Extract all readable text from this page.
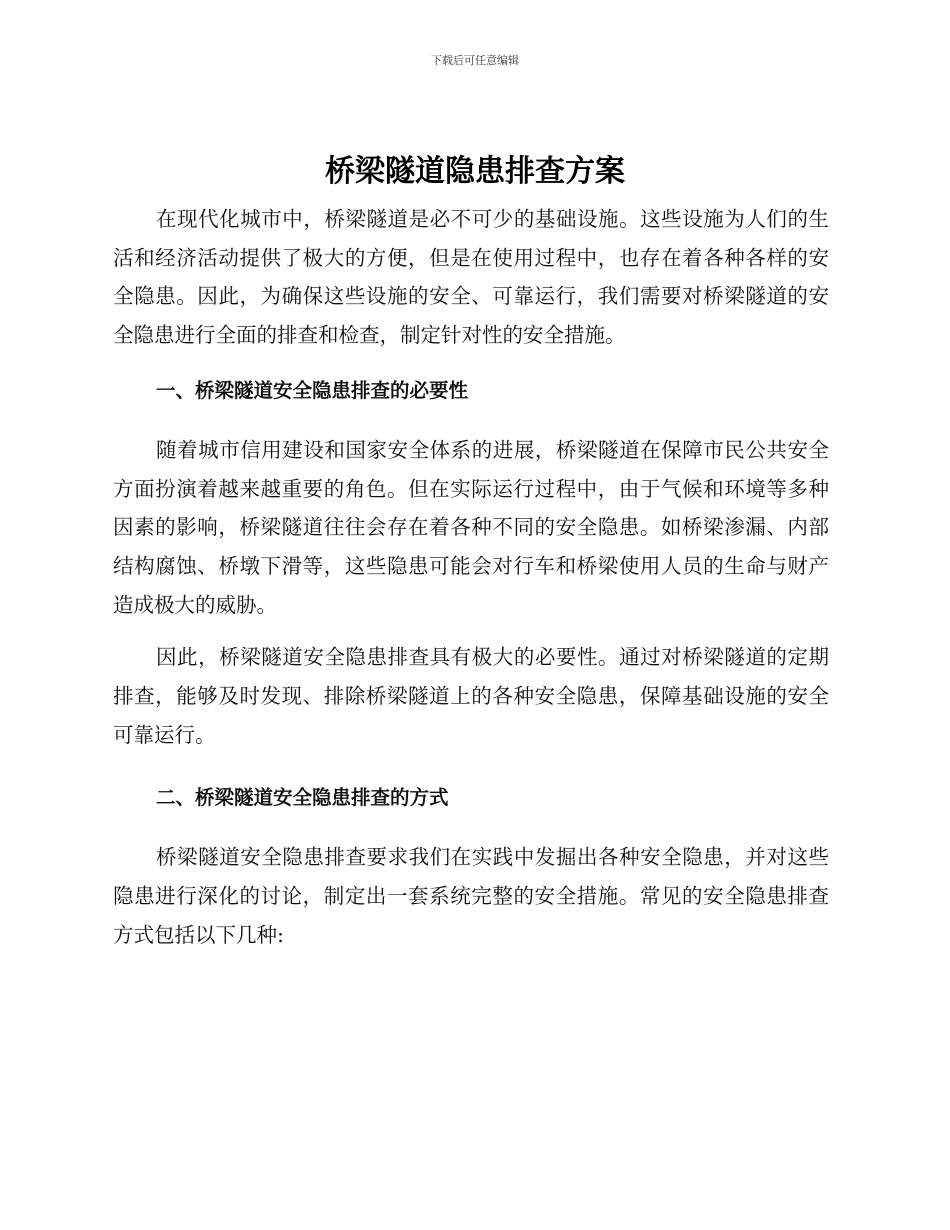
下载后可任意编辑
桥梁隧道隐患排查方案

在现代化城市中，桥梁隧道是必不可少的基础设施。这些设施为人们的生活和经济活动提供了极大的方便，但是在使用过程中，也存在着各种各样的安全隐患。因此，为确保这些设施的安全、可靠运行，我们需要对桥梁隧道的安全隐患进行全面的排查和检查，制定针对性的安全措施。

一、桥梁隧道安全隐患排查的必要性

随着城市信用建设和国家安全体系的进展，桥梁隧道在保障市民公共安全方面扮演着越来越重要的角色。但在实际运行过程中，由于气候和环境等多种因素的影响，桥梁隧道往往会存在着各种不同的安全隐患。如桥梁渗漏、内部结构腐蚀、桥墩下滑等，这些隐患可能会对行车和桥梁使用人员的生命与财产造成极大的威胁。

因此，桥梁隧道安全隐患排查具有极大的必要性。通过对桥梁隧道的定期排查，能够及时发现、排除桥梁隧道上的各种安全隐患，保障基础设施的安全可靠运行。

二、桥梁隧道安全隐患排查的方式

桥梁隧道安全隐患排查要求我们在实践中发掘出各种安全隐患，并对这些隐患进行深化的讨论，制定出一套系统完整的安全措施。常见的安全隐患排查方式包括以下几种:
